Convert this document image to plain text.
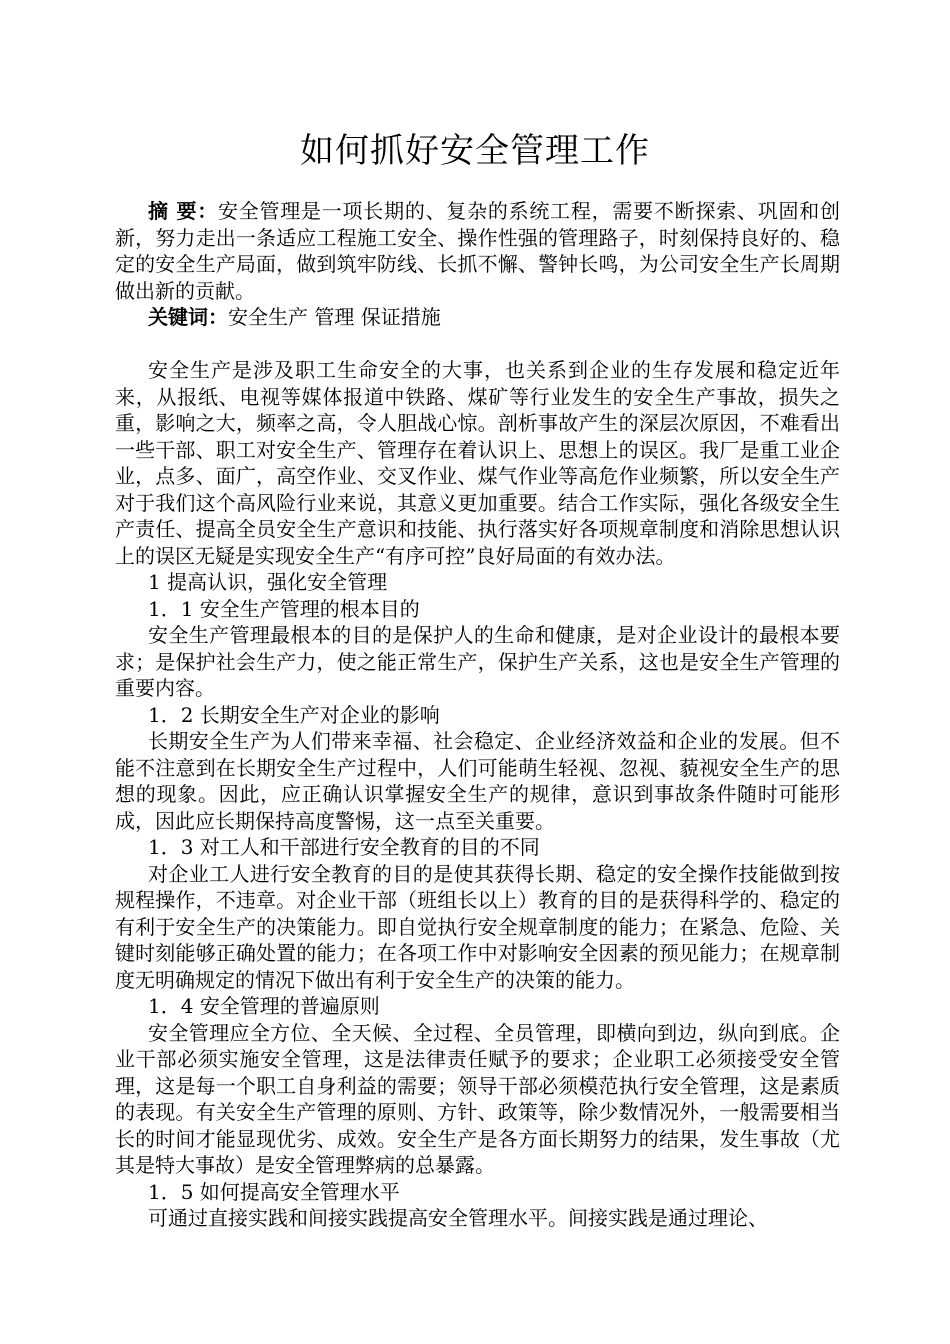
如何抓好安全管理工作

摘 要：安全管理是一项长期的、复杂的系统工程，需要不断探索、巩固和创新，努力走出一条适应工程施工安全、操作性强的管理路子，时刻保持良好的、稳定的安全生产局面，做到筑牢防线、长抓不懈、警钟长鸣，为公司安全生产长周期做出新的贡献。

关键词：安全生产 管理 保证措施

安全生产是涉及职工生命安全的大事，也关系到企业的生存发展和稳定近年来，从报纸、电视等媒体报道中铁路、煤矿等行业发生的安全生产事故，损失之重，影响之大，频率之高，令人胆战心惊。剖析事故产生的深层次原因，不难看出一些干部、职工对安全生产、管理存在着认识上、思想上的误区。我厂是重工业企业，点多、面广，高空作业、交叉作业、煤气作业等高危作业频繁，所以安全生产对于我们这个高风险行业来说，其意义更加重要。结合工作实际，强化各级安全生产责任、提高全员安全生产意识和技能、执行落实好各项规章制度和消除思想认识上的误区无疑是实现安全生产“有序可控”良好局面的有效办法。

1 提高认识，强化安全管理

1．1 安全生产管理的根本目的

安全生产管理最根本的目的是保护人的生命和健康，是对企业设计的最根本要求；是保护社会生产力，使之能正常生产，保护生产关系，这也是安全生产管理的重要内容。

1．2 长期安全生产对企业的影响

长期安全生产为人们带来幸福、社会稳定、企业经济效益和企业的发展。但不能不注意到在长期安全生产过程中，人们可能萌生轻视、忽视、藐视安全生产的思想的现象。因此，应正确认识掌握安全生产的规律，意识到事故条件随时可能形成，因此应长期保持高度警惕，这一点至关重要。

1．3 对工人和干部进行安全教育的目的不同

对企业工人进行安全教育的目的是使其获得长期、稳定的安全操作技能做到按规程操作，不违章。对企业干部（班组长以上）教育的目的是获得科学的、稳定的有利于安全生产的决策能力。即自觉执行安全规章制度的能力；在紧急、危险、关键时刻能够正确处置的能力；在各项工作中对影响安全因素的预见能力；在规章制度无明确规定的情况下做出有利于安全生产的决策的能力。

1．4 安全管理的普遍原则

安全管理应全方位、全天候、全过程、全员管理，即横向到边，纵向到底。企业干部必须实施安全管理，这是法律责任赋予的要求；企业职工必须接受安全管理，这是每一个职工自身利益的需要；领导干部必须模范执行安全管理，这是素质的表现。有关安全生产管理的原则、方针、政策等，除少数情况外，一般需要相当长的时间才能显现优劣、成效。安全生产是各方面长期努力的结果，发生事故（尤其是特大事故）是安全管理弊病的总暴露。

1．5 如何提高安全管理水平

可通过直接实践和间接实践提高安全管理水平。间接实践是通过理论、
